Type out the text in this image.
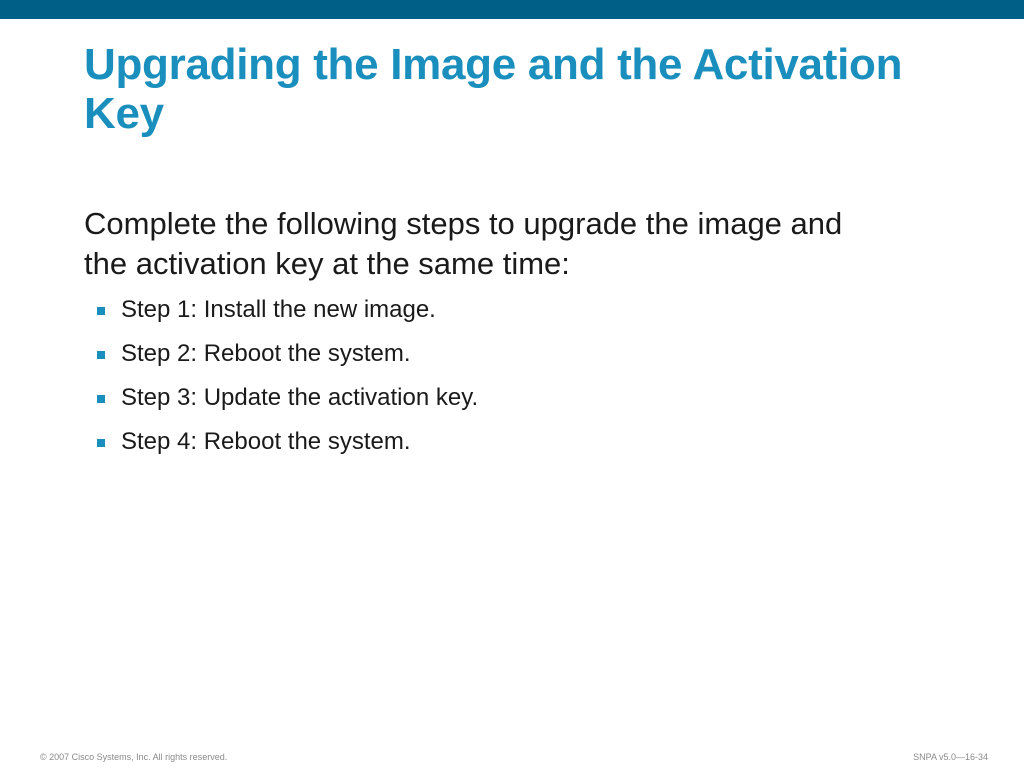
Upgrading the Image and the Activation
Key

Complete the following steps to upgrade the image and
the activation key at the same time:

Step 1: Install the new image.
Step 2: Reboot the system.
Step 3: Update the activation key.
Step 4: Reboot the system.
© 2007 Cisco Systems, Inc. All rights reserved.	SNPA v5.0—16-34
